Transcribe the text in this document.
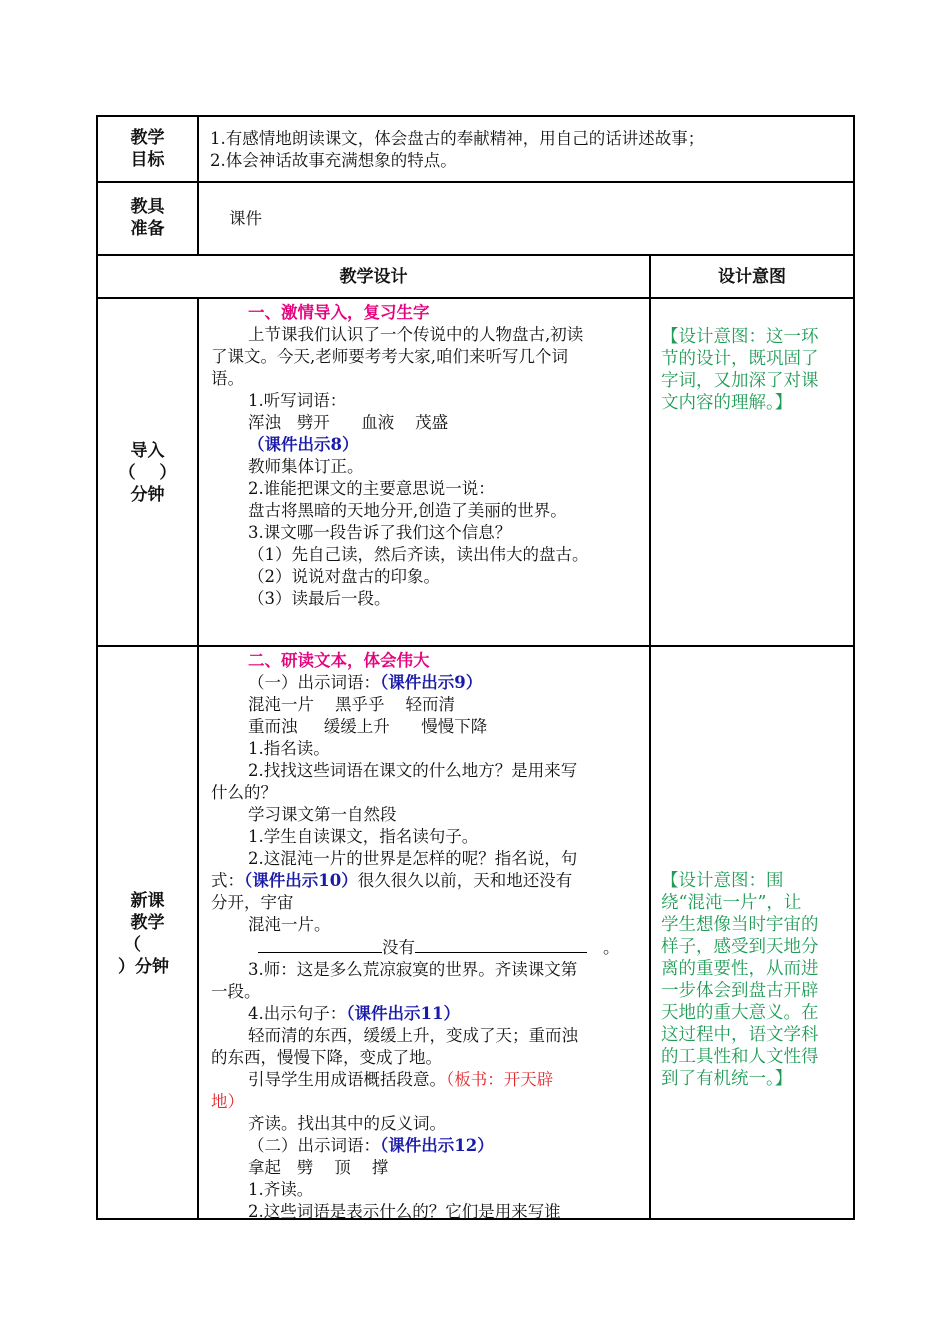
教学
目标

1.有感情地朗读课文，体会盘古的奉献精神，用自己的话讲述故事；

2.体会神话故事充满想象的特点。

教具
准备
课件
教学设计	设计意图
导入
（    ）
分钟

一、激情导入，复习生字

上节课我们认识了一个传说中的人物盘古,初读

了课文。今天,老师要考考大家,咱们来听写几个词

语。

1.听写词语：

浑浊   劈开      血液    茂盛

（课件出示8）

教师集体订正。

2.谁能把课文的主要意思说一说：

盘古将黑暗的天地分开,创造了美丽的世界。

3.课文哪一段告诉了我们这个信息？

（1）先自己读，然后齐读，读出伟大的盘古。

（2）说说对盘古的印象。

（3）读最后一段。

【设计意图：这一环

节的设计，既巩固了

字词，又加深了对课

文内容的理解。】

新课
教学
（
）分钟

二、研读文本，体会伟大

（一）出示词语：（课件出示9）

混沌一片    黑乎乎    轻而清

重而浊     缓缓上升      慢慢下降

1.指名读。

2.找找这些词语在课文的什么地方？是用来写

什么的？

学习课文第一自然段

1.学生自读课文，指名读句子。

2.这混沌一片的世界是怎样的呢？指名说，句

式：（课件出示10）很久很久以前，天和地还没有

分开，宇宙

混沌一片。

没有	。

3.师：这是多么荒凉寂寞的世界。齐读课文第

一段。

4.出示句子：（课件出示11）

轻而清的东西，缓缓上升，变成了天；重而浊

的东西，慢慢下降，变成了地。

引导学生用成语概括段意。（板书：开天辟

地）

齐读。找出其中的反义词。

（二）出示词语：（课件出示12）

拿起   劈    顶    撑

1.齐读。

2.这些词语是表示什么的？它们是用来写谁

【设计意图：围

绕“混沌一片”，让

学生想像当时宇宙的

样子，感受到天地分

离的重要性，从而进

一步体会到盘古开辟

天地的重大意义。在

这过程中，语文学科

的工具性和人文性得

到了有机统一。】
